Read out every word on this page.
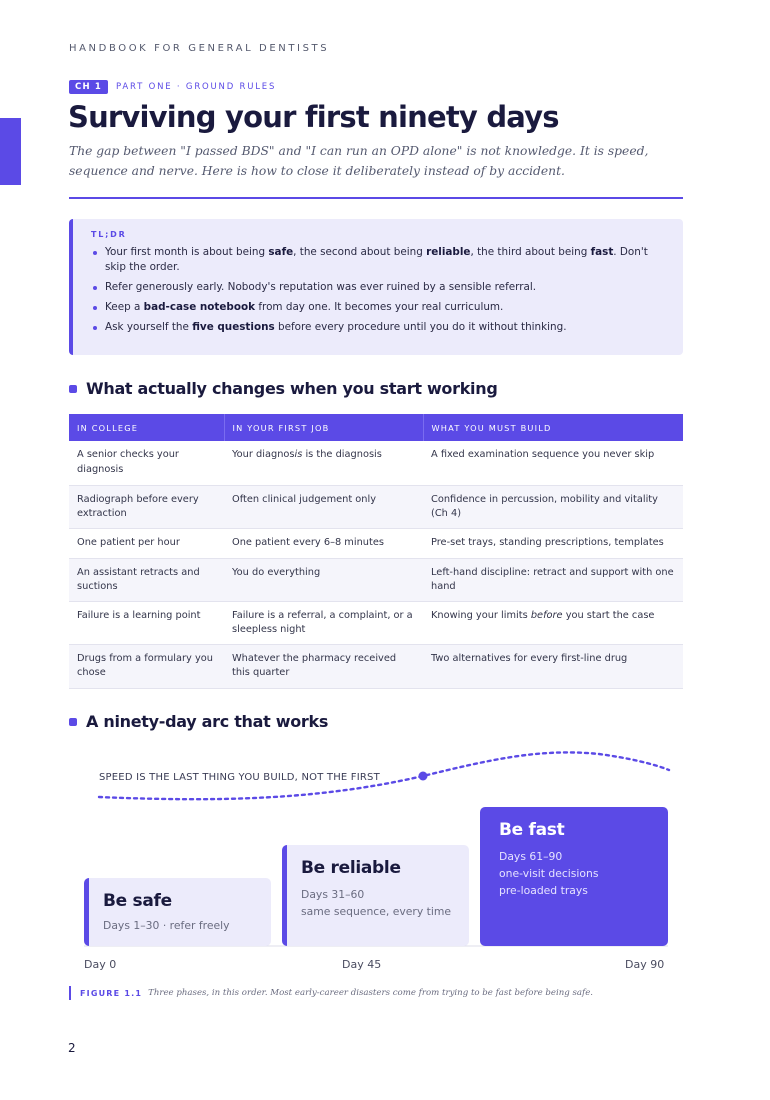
HANDBOOK FOR GENERAL DENTISTS
CH 1	PART ONE · GROUND RULES
Surviving your first ninety days

The gap between "I passed BDS" and "I can run an OPD alone" is not knowledge. It is speed, sequence and nerve. Here is how to close it deliberately instead of by accident.

TL;DR
Your first month is about being safe, the second about being reliable, the third about being fast. Don't skip the order.
Refer generously early. Nobody's reputation was ever ruined by a sensible referral.
Keep a bad-case notebook from day one. It becomes your real curriculum.
Ask yourself the five questions before every procedure until you do it without thinking.
What actually changes when you start working
IN COLLEGE	IN YOUR FIRST JOB	WHAT YOU MUST BUILD
A senior checks your diagnosis	Your diagnosis is the diagnosis	A fixed examination sequence you never skip
Radiograph before every extraction	Often clinical judgement only	Confidence in percussion, mobility and vitality (Ch 4)
One patient per hour	One patient every 6–8 minutes	Pre-set trays, standing prescriptions, templates
An assistant retracts and suctions	You do everything	Left-hand discipline: retract and support with one hand
Failure is a learning point	Failure is a referral, a complaint, or a sleepless night	Knowing your limits before you start the case
Drugs from a formulary you chose	Whatever the pharmacy received this quarter	Two alternatives for every first-line drug
A ninety-day arc that works
SPEED IS THE LAST THING YOU BUILD, NOT THE FIRST
Be safe
Days 1–30 · refer freely
Be reliable
Days 31–60
same sequence, every time
Be fast
Days 61–90
one-visit decisions
pre-loaded trays
Day 0	Day 45	Day 90
FIGURE 1.1 Three phases, in this order. Most early-career disasters come from trying to be fast before being safe.
2
